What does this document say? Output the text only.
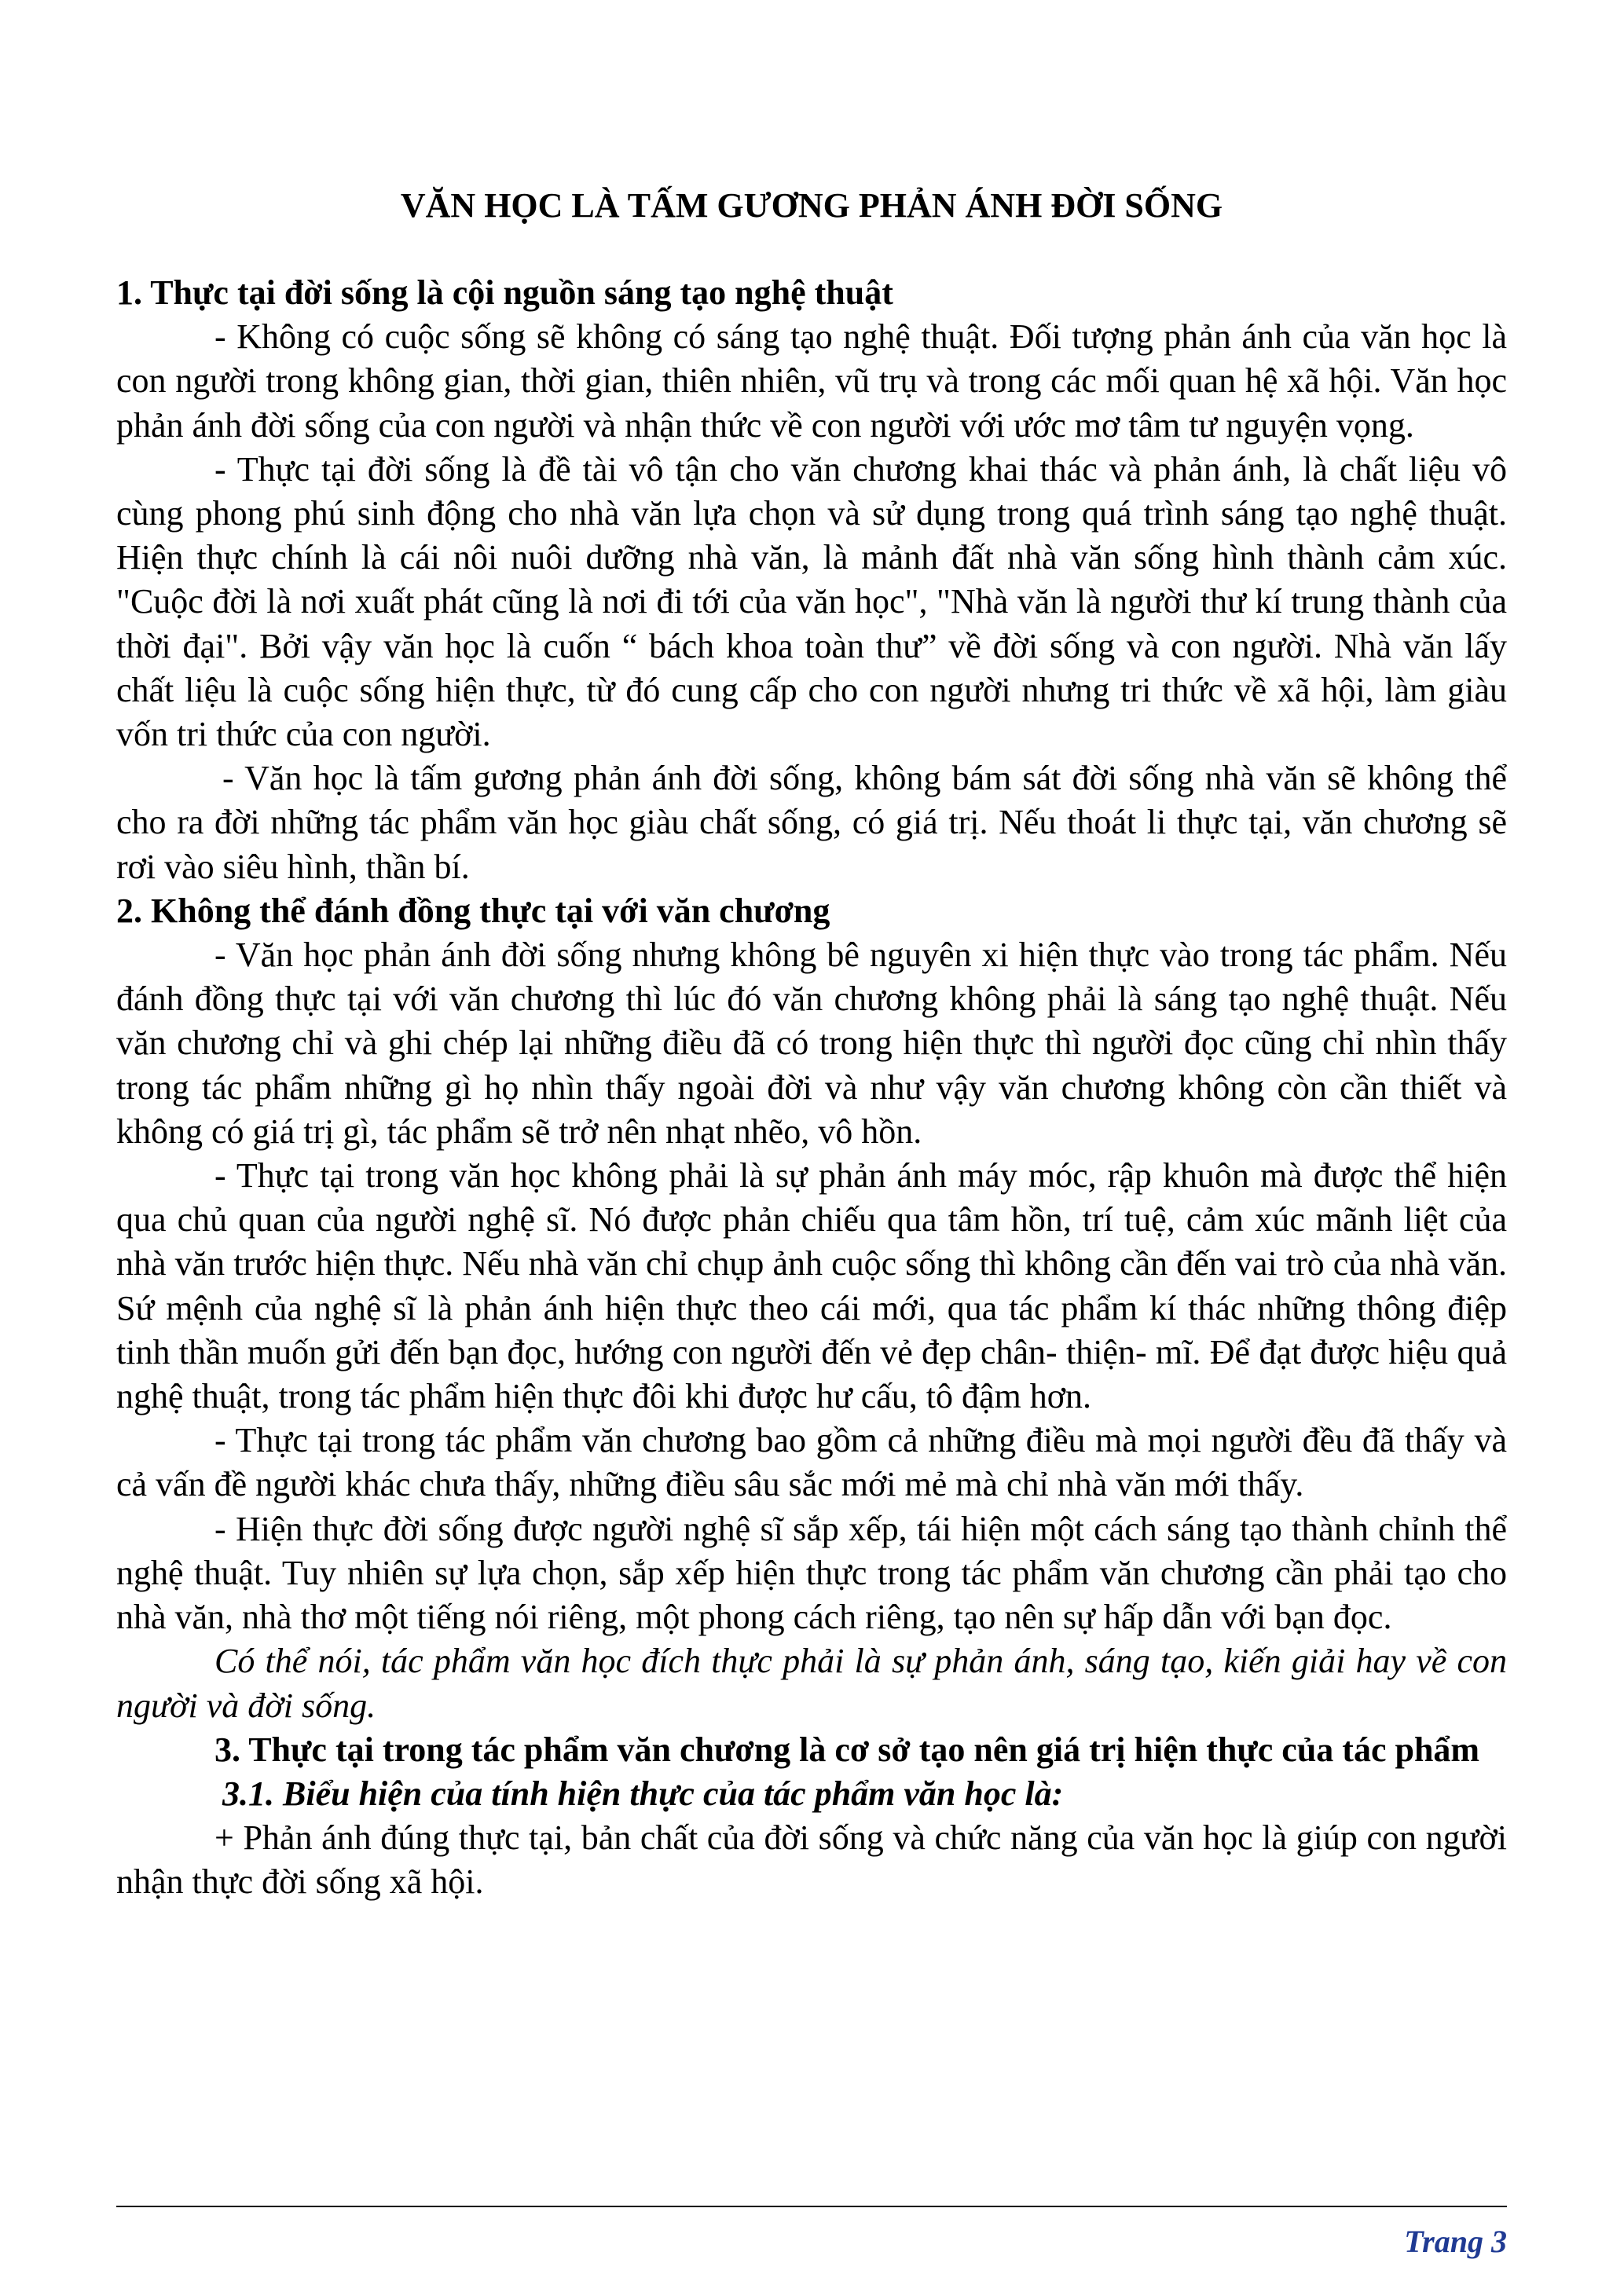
VĂN HỌC LÀ TẤM GƯƠNG PHẢN ÁNH ĐỜI SỐNG

1. Thực tại đời sống là cội nguồn sáng tạo nghệ thuật

- Không có cuộc sống sẽ không có sáng tạo nghệ thuật. Đối tượng phản ánh của văn học là con người trong không gian, thời gian, thiên nhiên, vũ trụ và trong các mối quan hệ xã hội. Văn học phản ánh đời sống của con người và nhận thức về con người với ước mơ tâm tư nguyện vọng.

- Thực tại đời sống là đề tài vô tận cho văn chương khai thác và phản ánh, là chất liệu vô cùng phong phú sinh động cho nhà văn lựa chọn và sử dụng trong quá trình sáng tạo nghệ thuật. Hiện thực chính là cái nôi nuôi dưỡng nhà văn, là mảnh đất nhà văn sống hình thành cảm xúc. "Cuộc đời là nơi xuất phát cũng là nơi đi tới của văn học", "Nhà văn là người thư kí trung thành của thời đại". Bởi vậy văn học là cuốn “ bách khoa toàn thư” về đời sống và con người. Nhà văn lấy chất liệu là cuộc sống hiện thực, từ đó cung cấp cho con người nhưng tri thức về xã hội, làm giàu vốn tri thức của con người.

- Văn học là tấm gương phản ánh đời sống, không bám sát đời sống nhà văn sẽ không thể cho ra đời những tác phẩm văn học giàu chất sống, có giá trị. Nếu thoát li thực tại, văn chương sẽ rơi vào siêu hình, thần bí.

2. Không thể đánh đồng thực tại với văn chương

- Văn học phản ánh đời sống nhưng không bê nguyên xi hiện thực vào trong tác phẩm. Nếu đánh đồng thực tại với văn chương thì lúc đó văn chương không phải là sáng tạo nghệ thuật. Nếu văn chương chỉ và ghi chép lại những điều đã có trong hiện thực thì người đọc cũng chỉ nhìn thấy trong tác phẩm những gì họ nhìn thấy ngoài đời và như vậy văn chương không còn cần thiết và không có giá trị gì, tác phẩm sẽ trở nên nhạt nhẽo, vô hồn.

- Thực tại trong văn học không phải là sự phản ánh máy móc, rập khuôn mà được thể hiện qua chủ quan của người nghệ sĩ. Nó được phản chiếu qua tâm hồn, trí tuệ, cảm xúc mãnh liệt của nhà văn trước hiện thực. Nếu nhà văn chỉ chụp ảnh cuộc sống thì không cần đến vai trò của nhà văn. Sứ mệnh của nghệ sĩ là phản ánh hiện thực theo cái mới, qua tác phẩm kí thác những thông điệp tinh thần muốn gửi đến bạn đọc, hướng con người đến vẻ đẹp chân- thiện- mĩ. Để đạt được hiệu quả nghệ thuật, trong tác phẩm hiện thực đôi khi được hư cấu, tô đậm hơn.

- Thực tại trong tác phẩm văn chương bao gồm cả những điều mà mọi người đều đã thấy và cả vấn đề người khác chưa thấy, những điều sâu sắc mới mẻ mà chỉ nhà văn mới thấy.

- Hiện thực đời sống được người nghệ sĩ sắp xếp, tái hiện một cách sáng tạo thành chỉnh thể nghệ thuật. Tuy nhiên sự lựa chọn, sắp xếp hiện thực trong tác phẩm văn chương cần phải tạo cho nhà văn, nhà thơ một tiếng nói riêng, một phong cách riêng, tạo nên sự hấp dẫn với bạn đọc.

Có thể nói, tác phẩm văn học đích thực phải là sự phản ánh, sáng tạo, kiến giải hay về con người và đời sống.

3. Thực tại trong tác phẩm văn chương là cơ sở tạo nên giá trị hiện thực của tác phẩm

3.1. Biểu hiện của tính hiện thực của tác phẩm văn học là:

+ Phản ánh đúng thực tại, bản chất của đời sống và chức năng của văn học là giúp con người nhận thực đời sống xã hội.

Trang 3
